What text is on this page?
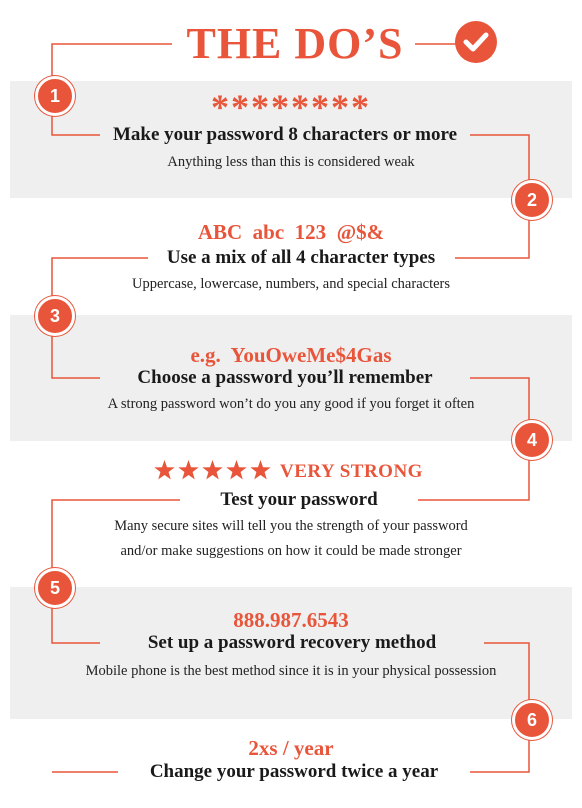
THE DO’S
1
2
3
4
5
6
********
Make your password 8 characters or more
Anything less than this is considered weak
ABC  abc  123  @$&
Use a mix of all 4 character types
Uppercase, lowercase, numbers, and special characters
e.g.  YouOweMe$4Gas
Choose a password you’ll remember
A strong password won’t do you any good if you forget it often
VERY STRONG
Test your password
Many secure sites will tell you the strength of your password
and/or make suggestions on how it could be made stronger
888.987.6543
Set up a password recovery method
Mobile phone is the best method since it is in your physical possession
2xs / year
Change your password twice a year
